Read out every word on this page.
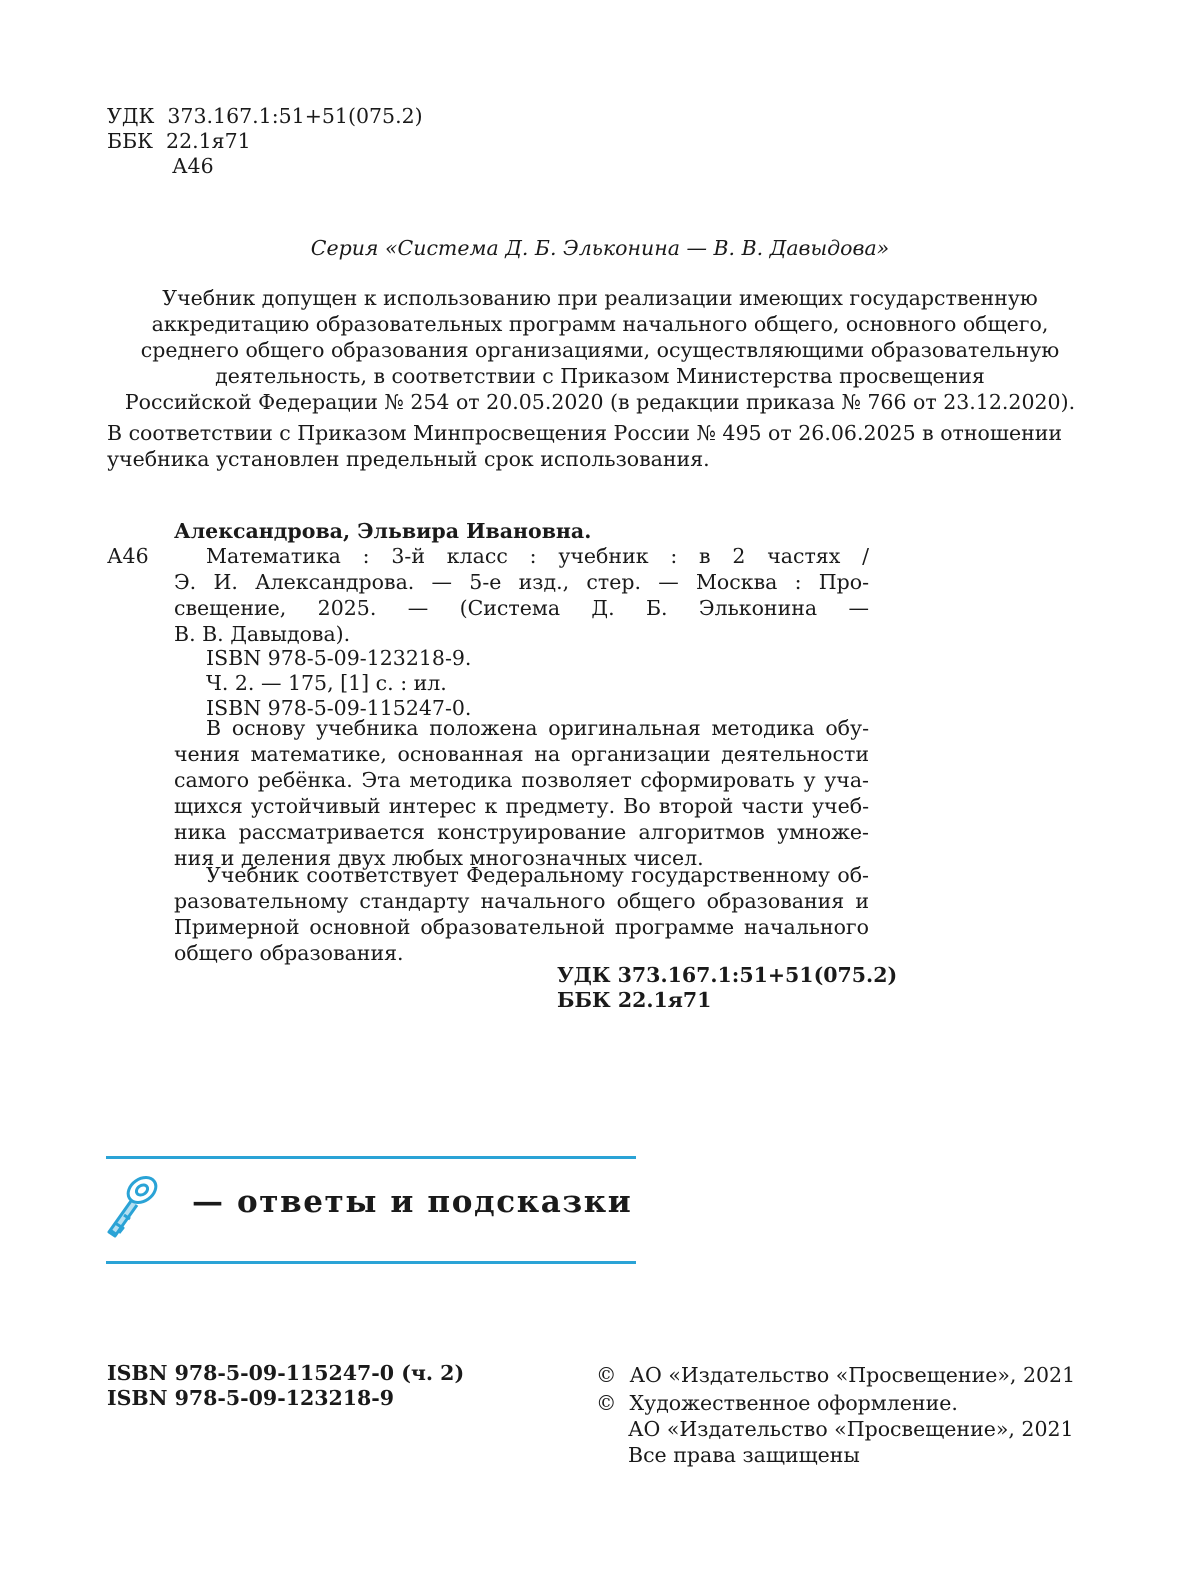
УДК  373.167.1:51+51(075.2)
ББК  22.1я71
А46
Серия «Система Д. Б. Эльконина — В. В. Давыдова»
Учебник допущен к использованию при реализации имеющих государственную
аккредитацию образовательных программ начального общего, основного общего,
среднего общего образования организациями, осуществляющими образовательную
деятельность, в соответствии с Приказом Министерства просвещения
Российской Федерации № 254 от 20.05.2020 (в редакции приказа № 766 от 23.12.2020).
В соответствии с Приказом Минпросвещения России № 495 от 26.06.2025 в отношении
учебника установлен предельный срок использования.
Александрова, Эльвира Ивановна.
А46	Математика : 3-й класс : учебник : в 2 частях /
Э. И. Александрова. — 5-е изд., стер. — Москва : Про-
свещение, 2025. — (Система Д. Б. Эльконина —
В. В. Давыдова).
ISBN 978-5-09-123218-9.
Ч. 2. — 175, [1] с. : ил.
ISBN 978-5-09-115247-0.
В основу учебника положена оригинальная методика обу-
чения математике, основанная на организации деятельности
самого ребёнка. Эта методика позволяет сформировать у уча-
щихся устойчивый интерес к предмету. Во второй части учеб-
ника рассматривается конструирование алгоритмов умноже-
ния и деления двух любых многозначных чисел.
Учебник соответствует Федеральному государственному об-
разовательному стандарту начального общего образования и
Примерной основной образовательной программе начального
общего образования.
УДК 373.167.1:51+51(075.2)
ББК 22.1я71
— ответы и подсказки
ISBN 978-5-09-115247-0 (ч. 2)
ISBN 978-5-09-123218-9
©  АО «Издательство «Просвещение», 2021
©  Художественное оформление.
АО «Издательство «Просвещение», 2021
Все права защищены
